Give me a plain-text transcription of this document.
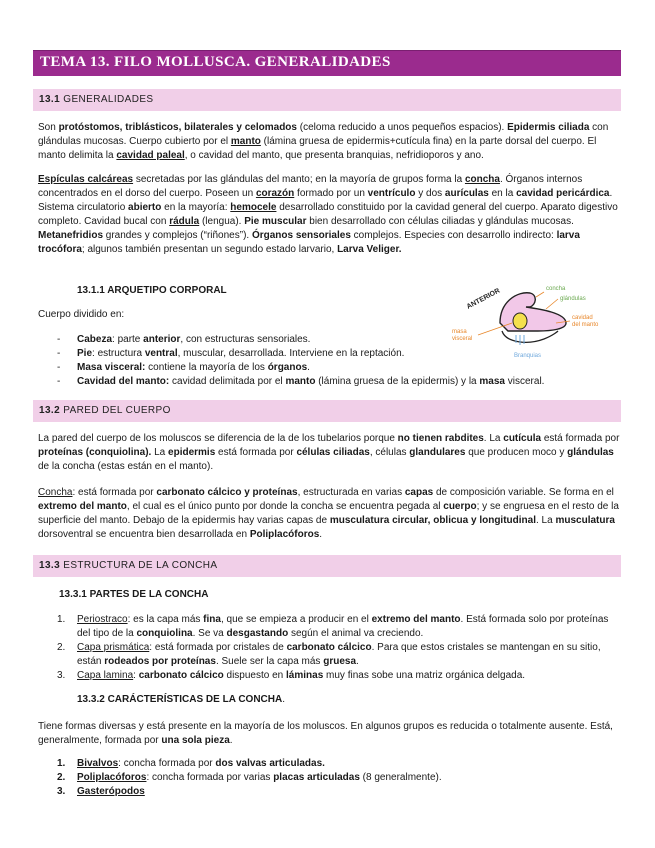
TEMA 13. FILO MOLLUSCA. GENERALIDADES
13.1 GENERALIDADES

Son protóstomos, triblásticos, bilaterales y celomados (celoma reducido a unos pequeños espacios). Epidermis ciliada con glándulas mucosas. Cuerpo cubierto por el manto (lámina gruesa de epidermis+cutícula fina) en la parte dorsal del cuerpo. El manto delimita la cavidad paleal, o cavidad del manto, que presenta branquias, nefridioporos y ano.

Espículas calcáreas secretadas por las glándulas del manto; en la mayoría de grupos forma la concha. Órganos internos concentrados en el dorso del cuerpo. Poseen un corazón formado por un ventrículo y dos aurículas en la cavidad pericárdica. Sistema circulatorio abierto en la mayoría: hemocele desarrollado constituido por la cavidad general del cuerpo. Aparato digestivo completo. Cavidad bucal con rádula (lengua). Pie muscular bien desarrollado con células ciliadas y glándulas mucosas. Metanefridios grandes y complejos (“riñones”). Órganos sensoriales complejos. Especies con desarrollo indirecto: larva trocófora; algunos también presentan un segundo estado larvario, Larva Veliger.

13.1.1 ARQUETIPO CORPORAL

Cuerpo dividido en:

- Cabeza: parte anterior, con estructuras sensoriales.
- Pie: estructura ventral, muscular, desarrollada. Interviene en la reptación.
- Masa visceral: contiene la mayoría de los órganos.
- Cavidad del manto: cavidad delimitada por el manto (lámina gruesa de la epidermis) y la masa visceral.
ANTERIOR	concha
glándulas
cavidad
del manto
masa
visceral
Branquias
13.2 PARED DEL CUERPO

La pared del cuerpo de los moluscos se diferencia de la de los tubelarios porque no tienen rabdites. La cutícula está formada por proteínas (conquiolina). La epidermis está formada por células ciliadas, células glandulares que producen moco y glándulas de la concha (estas están en el manto).

Concha: está formada por carbonato cálcico y proteínas, estructurada en varias capas de composición variable. Se forma en el extremo del manto, el cual es el único punto por donde la concha se encuentra pegada al cuerpo; y se engruesa en el resto de la superficie del manto. Debajo de la epidermis hay varias capas de musculatura circular, oblicua y longitudinal. La musculatura dorsoventral se encuentra bien desarrollada en Poliplacóforos.

13.3 ESTRUCTURA DE LA CONCHA
13.3.1 PARTES DE LA CONCHA
1. Periostraco: es la capa más fina, que se empieza a producir en el extremo del manto. Está formada solo por proteínas del tipo de la conquiolina. Se va desgastando según el animal va creciendo.
2. Capa prismática: está formada por cristales de carbonato cálcico. Para que estos cristales se mantengan en su sitio, están rodeados por proteínas. Suele ser la capa más gruesa.
3. Capa lamina: carbonato cálcico dispuesto en láminas muy finas sobe una matriz orgánica delgada.
13.3.2 CARÁCTERÍSTICAS DE LA CONCHA.

Tiene formas diversas y está presente en la mayoría de los moluscos. En algunos grupos es reducida o totalmente ausente. Está, generalmente, formada por una sola pieza.

1. Bivalvos: concha formada por dos valvas articuladas.
2. Poliplacóforos: concha formada por varias placas articuladas (8 generalmente).
3. Gasterópodos
